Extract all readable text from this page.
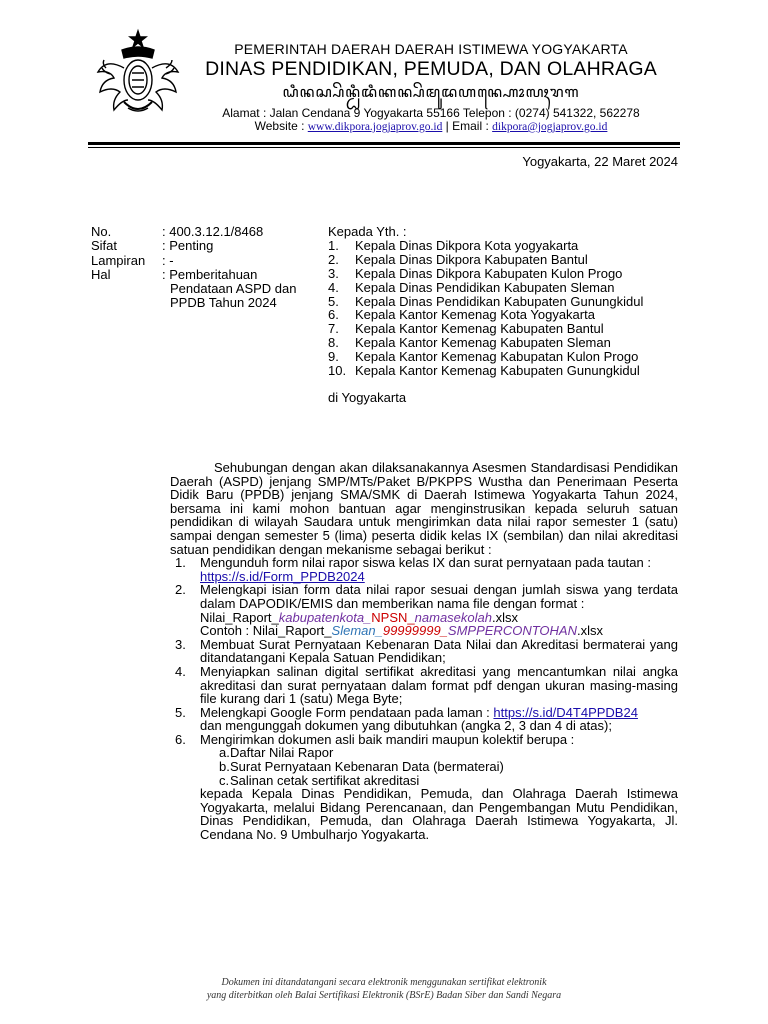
PEMERINTAH DAERAH DAERAH ISTIMEWA YOGYAKARTA
DINAS PENDIDIKAN, PEMUDA, DAN OLAHRAGA
ꦝꦶꦤꦱ꧀ꦥꦼꦤ꧀ꦝꦶꦢꦶꦏꦤ꧀ꦥꦼꦩꦸꦢꦲꦤ꧀ꦲꦺꦴꦭꦃꦫꦒ
Alamat : Jalan Cendana 9 Yogyakarta 55166 Telepon : (0274) 541322, 562278
Website : www.dikpora.jogjaprov.go.id | Email : dikpora@jogjaprov.go.id
Yogyakarta, 22 Maret 2024
No.	: 400.3.12.1/8468
Sifat	: Penting
Lampiran	: -
Hal	: Pemberitahuan
Pendataan ASPD dan
PPDB Tahun 2024
Kepada Yth. :
1.	Kepala Dinas Dikpora Kota yogyakarta
2.	Kepala Dinas Dikpora Kabupaten Bantul
3.	Kepala Dinas Dikpora Kabupaten Kulon Progo
4.	Kepala Dinas Pendidikan Kabupaten Sleman
5.	Kepala Dinas Pendidikan Kabupaten Gunungkidul
6.	Kepala Kantor Kemenag Kota Yogyakarta
7.	Kepala Kantor Kemenag Kabupaten Bantul
8.	Kepala Kantor Kemenag Kabupaten Sleman
9.	Kepala Kantor Kemenag Kabupatan Kulon Progo
10. Kepala Kantor Kemenag Kabupaten Gunungkidul
di Yogyakarta

Sehubungan dengan akan dilaksanakannya Asesmen Standardisasi Pendidikan Daerah (ASPD) jenjang SMP/MTs/Paket B/PKPPS Wustha dan Penerimaan Peserta Didik Baru (PPDB) jenjang SMA/SMK di Daerah Istimewa Yogyakarta Tahun 2024, bersama ini kami mohon bantuan agar menginstrusikan kepada seluruh satuan pendidikan di wilayah Saudara untuk mengirimkan data nilai rapor semester 1 (satu) sampai dengan semester 5 (lima) peserta didik kelas IX (sembilan) dan nilai akreditasi satuan pendidikan dengan mekanisme sebagai berikut :

1.	Mengunduh form nilai rapor siswa kelas IX dan surat pernyataan pada tautan :
https://s.id/Form_PPDB2024
2.	Melengkapi isian form data nilai rapor sesuai dengan jumlah siswa yang terdata dalam DAPODIK/EMIS dan memberikan nama file dengan format :
Nilai_Raport_kabupatenkota_NPSN_namasekolah.xlsx
Contoh : Nilai_Raport_Sleman_99999999_SMPPERCONTOHAN.xlsx
3.	Membuat Surat Pernyataan Kebenaran Data Nilai dan Akreditasi bermaterai yang ditandatangani Kepala Satuan Pendidikan;
4.	Menyiapkan salinan digital sertifikat akreditasi yang mencantumkan nilai angka akreditasi dan surat pernyataan dalam format pdf dengan ukuran masing-masing file kurang dari 1 (satu) Mega Byte;
5.	Melengkapi Google Form pendataan pada laman : https://s.id/D4T4PPDB24
dan mengunggah dokumen yang dibutuhkan (angka 2, 3 dan 4 di atas);
6.	Mengirimkan dokumen asli baik mandiri maupun kolektif berupa :
a. Daftar Nilai Rapor
b. Surat Pernyataan Kebenaran Data (bermaterai)
c. Salinan cetak sertifikat akreditasi

kepada Kepala Dinas Pendidikan, Pemuda, dan Olahraga Daerah Istimewa Yogyakarta, melalui Bidang Perencanaan, dan Pengembangan Mutu Pendidikan, Dinas Pendidikan, Pemuda, dan Olahraga Daerah Istimewa Yogyakarta, Jl. Cendana No. 9 Umbulharjo Yogyakarta.

Dokumen ini ditandatangani secara elektronik menggunakan sertifikat elektronik
yang diterbitkan oleh Balai Sertifikasi Elektronik (BSrE) Badan Siber dan Sandi Negara
